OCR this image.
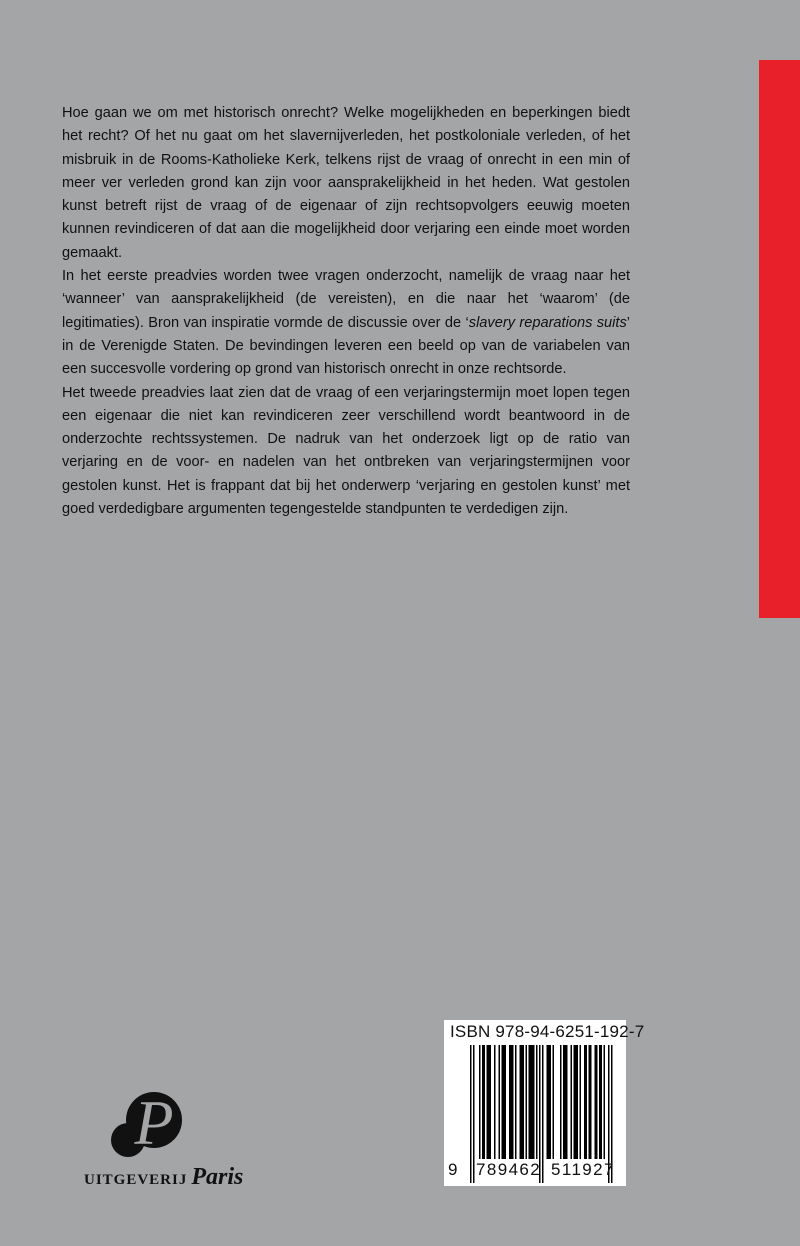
Hoe gaan we om met historisch onrecht? Welke mogelijkheden en beperkingen biedt het recht? Of het nu gaat om het slavernijverleden, het postkoloniale verleden, of het misbruik in de Rooms-Katholieke Kerk, telkens rijst de vraag of onrecht in een min of meer ver verleden grond kan zijn voor aansprakelijkheid in het heden. Wat gestolen kunst betreft rijst de vraag of de eigenaar of zijn rechtsopvolgers eeuwig moeten kunnen revindiceren of dat aan die mogelijkheid door verjaring een einde moet worden gemaakt.

In het eerste preadvies worden twee vragen onderzocht, namelijk de vraag naar het ‘wanneer’ van aansprakelijkheid (de vereisten), en die naar het ‘waarom’ (de legitimaties). Bron van inspiratie vormde de discussie over de ‘slavery reparations suits’ in de Verenigde Staten. De bevindingen leveren een beeld op van de variabelen van een succesvolle vordering op grond van historisch onrecht in onze rechtsorde.

Het tweede preadvies laat zien dat de vraag of een verjaringstermijn moet lopen tegen een eigenaar die niet kan revindiceren zeer verschillend wordt beantwoord in de onderzochte rechtssystemen. De nadruk van het onderzoek ligt op de ratio van verjaring en de voor- en nadelen van het ontbreken van verjaringstermijnen voor gestolen kunst. Het is frappant dat bij het onderwerp ‘verjaring en gestolen kunst’ met goed verdedigbare argumenten tegengestelde standpunten te verdedigen zijn.

P
UITGEVERIJ Paris
ISBN 978-94-6251-192-7
9 789462 511927
